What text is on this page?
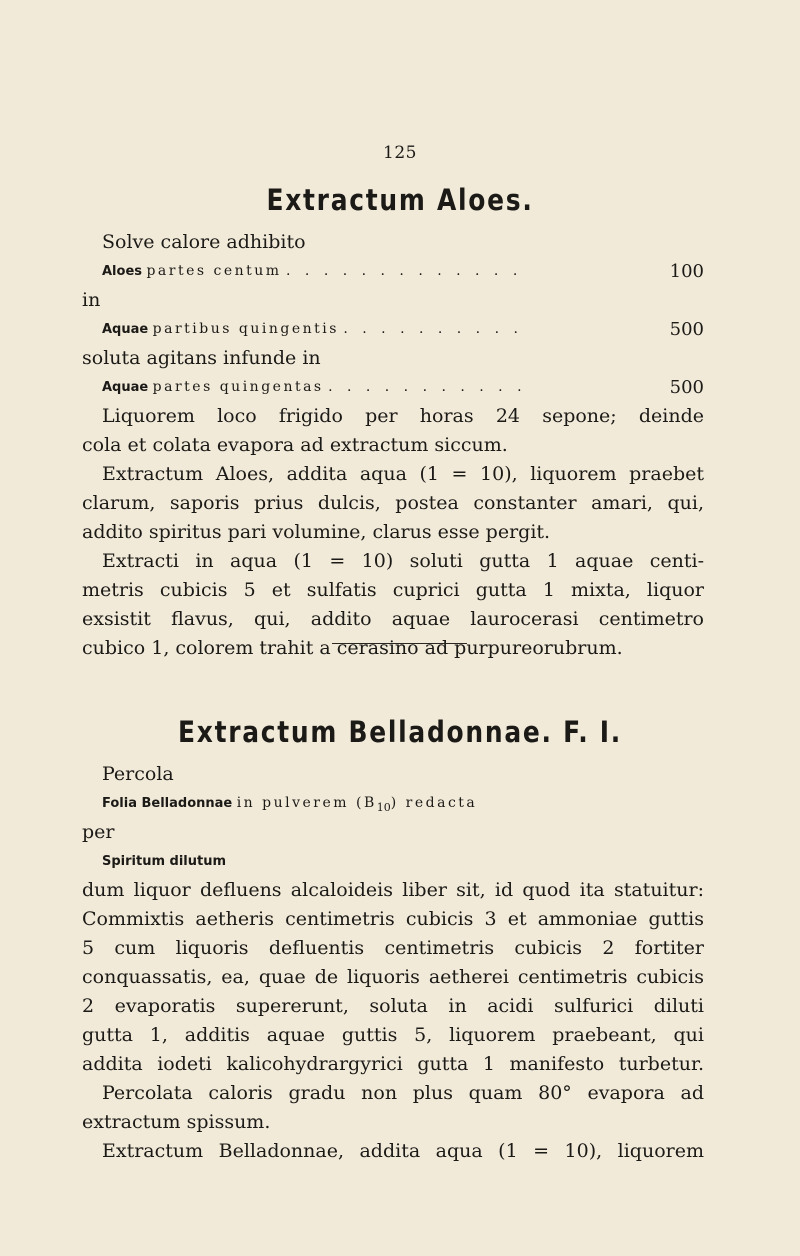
125
Extractum Aloes.
Solve calore adhibito
Aloes partes centum . . . . . . . . . . . . .	100
in
Aquae partibus quingentis . . . . . . . . . .	500
soluta agitans infunde in
Aquae partes quingentas . . . . . . . . . . .	500
Liquorem loco frigido per horas 24 sepone; deinde
cola et colata evapora ad extractum siccum.
Extractum Aloes, addita aqua (1 = 10), liquorem praebet
clarum, saporis prius dulcis, postea constanter amari, qui,
addito spiritus pari volumine, clarus esse pergit.
Extracti in aqua (1 = 10) soluti gutta 1 aquae centi-
metris cubicis 5 et sulfatis cuprici gutta 1 mixta, liquor
exsistit flavus, qui, addito aquae laurocerasi centimetro
cubico 1, colorem trahit a cerasino ad purpureorubrum.
Extractum Belladonnae. F. I.
Percola
Folia Belladonnae in pulverem $(B_{10})$ redacta
per
Spiritum dilutum
dum liquor defluens alcaloideis liber sit, id quod ita statuitur:
Commixtis aetheris centimetris cubicis 3 et ammoniae guttis
5 cum liquoris defluentis centimetris cubicis 2 fortiter
conquassatis, ea, quae de liquoris aetherei centimetris cubicis
2 evaporatis supererunt, soluta in acidi sulfurici diluti
gutta 1, additis aquae guttis 5, liquorem praebeant, qui
addita iodeti kalicohydrargyrici gutta 1 manifesto turbetur.
Percolata caloris gradu non plus quam 80° evapora ad
extractum spissum.
Extractum Belladonnae, addita aqua (1 = 10), liquorem
